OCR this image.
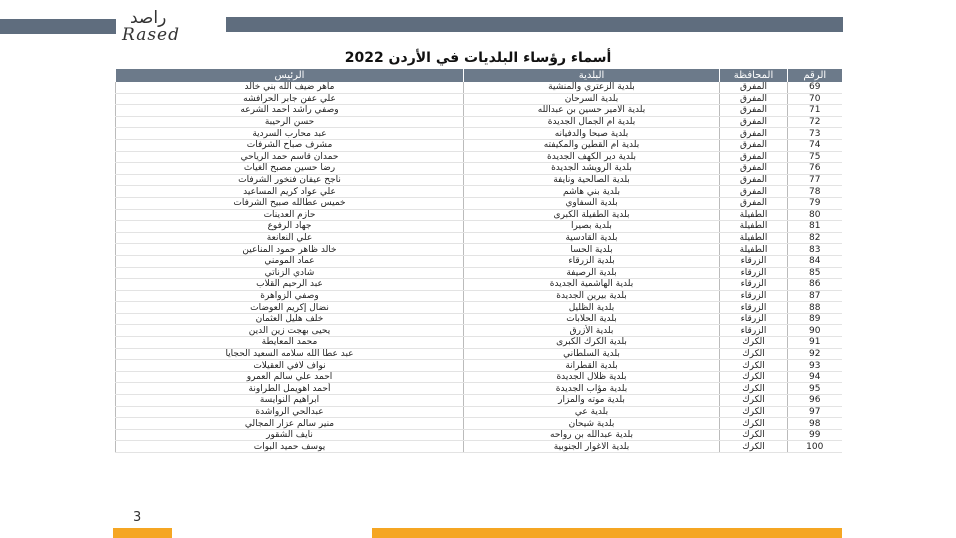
راصد
Rased
أسماء رؤساء البلديات في الأردن 2022
الرقم	المحافظة	البلدية	الرئيس
69	المفرق	بلدية الزعتري والمنشية	ماهر ضيف الله بني خالد
70	المفرق	بلدية السرحان	علي عفن جابر الحرافشه
71	المفرق	بلدية الامير حسين بن عبدالله	وصفي راشد احمد الشرعه
72	المفرق	بلدية ام الجمال الجديدة	حسن الرحيبة
73	المفرق	بلدية صبحا والدفيانه	عبد محارب السردية
74	المفرق	بلدية ام القطين والمكيفته	مشرف صباح الشرفات
75	المفرق	بلدية دير الكهف الجديدة	حمدان قاسم حمد الرياحي
76	المفرق	بلدية الرويشد الجديدة	رضا حسين مصبح الغياث
77	المفرق	بلدية الصالحية ونايفة	ناجح عيفان فنخور الشرفات
78	المفرق	بلدية بني هاشم	علي عواد كريم المساعيد
79	المفرق	بلدية السفاوي	خميس عطالله صبيح الشرفات
80	الطفيلة	بلدية الطفيلة الكبرى	حازم العدينات
81	الطفيلة	بلدية بصيرا	جهاد الرفوع
82	الطفيلة	بلدية القادسية	علي النعانعة
83	الطفيلة	بلدية الحسا	خالد ظاهر حمود المناعين
84	الزرقاء	بلدية الزرقاء	عماد المومني
85	الزرقاء	بلدية الرصيفة	شادي الزناتي
86	الزرقاء	بلدية الهاشمية الجديدة	عبد الرحيم القلاب
87	الزرقاء	بلدية بيرين الجديدة	وصفي الزواهرة
88	الزرقاء	بلدية الظليل	نضال إكريم العوضات
89	الزرقاء	بلدية الحلابات	خلف هليل العثمان
90	الزرقاء	بلدية الأزرق	يحيى بهجت زين الدين
91	الكرك	بلدية الكرك الكبرى	محمد المعايطة
92	الكرك	بلدية السلطاني	عبد عطا الله سلامه السعيد الحجايا
93	الكرك	بلدية القطرانة	نواف لافي العقيلات
94	الكرك	بلدية ظلال الجديدة	احمد علي سالم العمرو
95	الكرك	بلدية مؤاب الجديدة	أحمد اهويمل الطراونة
96	الكرك	بلدية موته والمزار	ابراهيم النوايسة
97	الكرك	بلدية عي	عبدالحي الرواشدة
98	الكرك	بلدية شيحان	منير سالم عزار المجالي
99	الكرك	بلدية عبدالله بن رواحه	نايف الشقور
100	الكرك	بلدية الاغوار الجنوبية	يوسف حميد البوات
3
